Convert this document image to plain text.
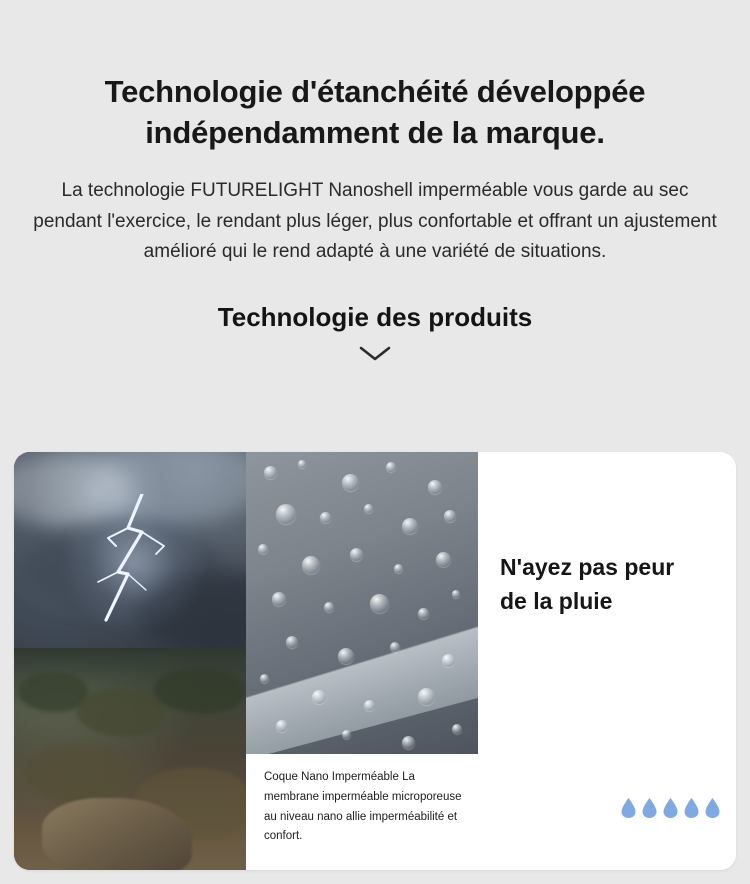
Technologie d'étanchéité développée indépendamment de la marque.

La technologie FUTURELIGHT Nanoshell imperméable vous garde au sec pendant l'exercice, le rendant plus léger, plus confortable et offrant un ajustement amélioré qui le rend adapté à une variété de situations.

Technologie des produits

Coque Nano Imperméable La membrane imperméable microporeuse au niveau nano allie imperméabilité et confort.

N'ayez pas peur de la pluie
